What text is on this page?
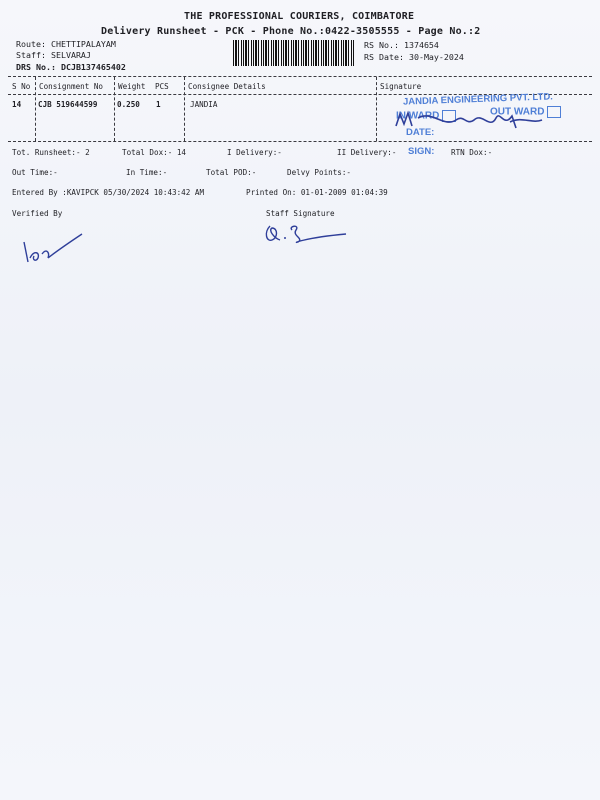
THE PROFESSIONAL COURIERS, COIMBATORE
Delivery Runsheet - PCK - Phone No.:0422-3505555 - Page No.:2
Route: CHETTIPALAYAM
Staff: SELVARAJ
DRS No.: DCJB137465402
RS No.: 1374654
RS Date: 30-May-2024
S No Consignment No Weight PCS	Consignee Details	Signature
14 CJB 519644599	0.250 1	JANDIA	JANDIA ENGINEERING PVT. LTD.
IN WARD	OUT WARD
DATE:
SIGN:
Tot. Runsheet:- 2	Total Dox:- 14	I Delivery:-	II Delivery:-	RTN Dox:-
Out Time:-	In Time:-	Total POD:-	Delvy Points:-
Entered By :KAVIPCK 05/30/2024 10:43:42 AM	Printed On: 01-01-2009 01:04:39
Verified By	Staff Signature
